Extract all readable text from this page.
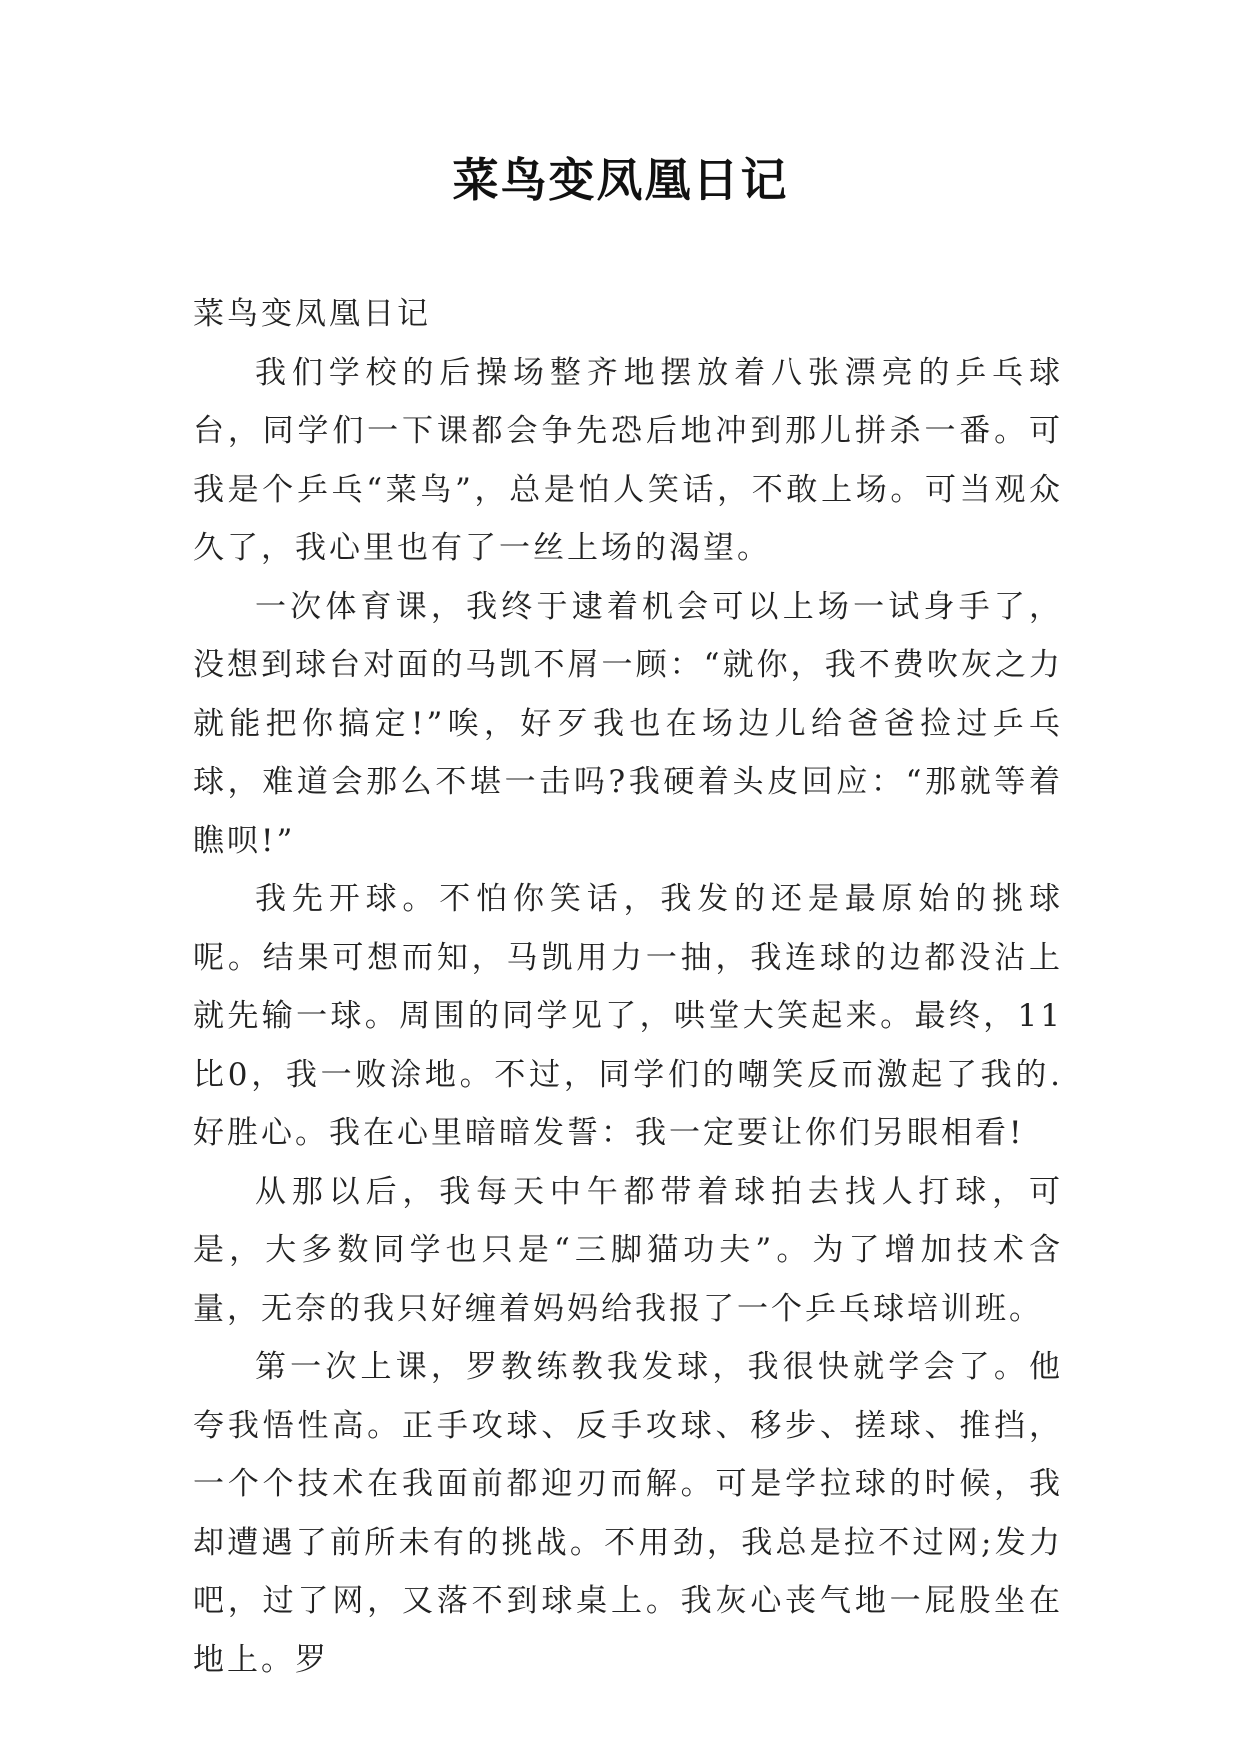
菜鸟变凤凰日记

菜鸟变凤凰日记

我们学校的后操场整齐地摆放着八张漂亮的乒乓球台，同学们一下课都会争先恐后地冲到那儿拼杀一番。可我是个乒乓“菜鸟”，总是怕人笑话，不敢上场。可当观众久了，我心里也有了一丝上场的渴望。

一次体育课，我终于逮着机会可以上场一试身手了，没想到球台对面的马凯不屑一顾：“就你，我不费吹灰之力就能把你搞定!”唉，好歹我也在场边儿给爸爸捡过乒乓球，难道会那么不堪一击吗?我硬着头皮回应：“那就等着瞧呗!”

我先开球。不怕你笑话，我发的还是最原始的挑球呢。结果可想而知，马凯用力一抽，我连球的边都没沾上就先输一球。周围的同学见了，哄堂大笑起来。最终，11比0，我一败涂地。不过，同学们的嘲笑反而激起了我的.好胜心。我在心里暗暗发誓：我一定要让你们另眼相看!

从那以后，我每天中午都带着球拍去找人打球，可是，大多数同学也只是“三脚猫功夫”。为了增加技术含量，无奈的我只好缠着妈妈给我报了一个乒乓球培训班。

第一次上课，罗教练教我发球，我很快就学会了。他夸我悟性高。正手攻球、反手攻球、移步、搓球、推挡，一个个技术在我面前都迎刃而解。可是学拉球的时候，我却遭遇了前所未有的挑战。不用劲，我总是拉不过网;发力吧，过了网，又落不到球桌上。我灰心丧气地一屁股坐在地上。罗
